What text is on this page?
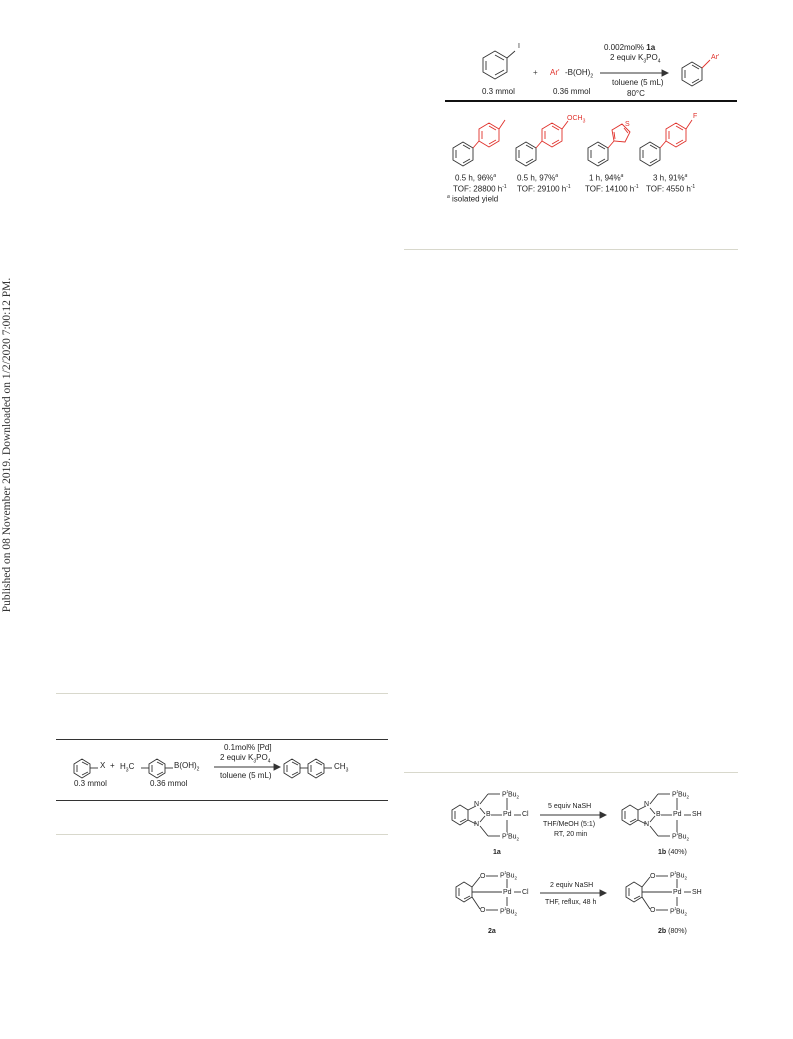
Published on 08 November 2019. Downloaded on 1/2/2020 7:00:12 PM.
I
0.3 mmol
+ Ar' $-B(OH)_2$
0.36 mmol
0.002mol% 1a
2 equiv $K_3PO_4$
toluene (5 mL)
80°C
Ar'
$OCH_3$	S
F
0.5 h, 96%$^a$
TOF: 28800 $h^{-1}$
0.5 h, 97%$^a$
TOF: 29100 $h^{-1}$
1 h, 94%$^a$
TOF: 14100 $h^{-1}$
3 h, 91%$^a$
TOF: 4550 $h^{-1}$
$^a$ isolated yield
$X + H_3C$	$B(OH)_2$
0.3 mmol	0.36 mmol
0.1mol% [Pd]
2 equiv $K_3PO_4$
toluene (5 mL)
$CH_3$
N
N
B Pd Cl
$P^tBu_2$
$P^tBu_2$
1a
5 equiv NaSH
THF/MeOH (5:1)
RT, 20 min
N
N
B Pd SH
$P^tBu_2$
$P^tBu_2$
1b (40%)
O
O
Pd Cl
$P^tBu_2$
$P^tBu_2$
2a
2 equiv NaSH
THF, reflux, 48 h
O
O
Pd SH
$P^tBu_2$
$P^tBu_2$
2b (80%)
